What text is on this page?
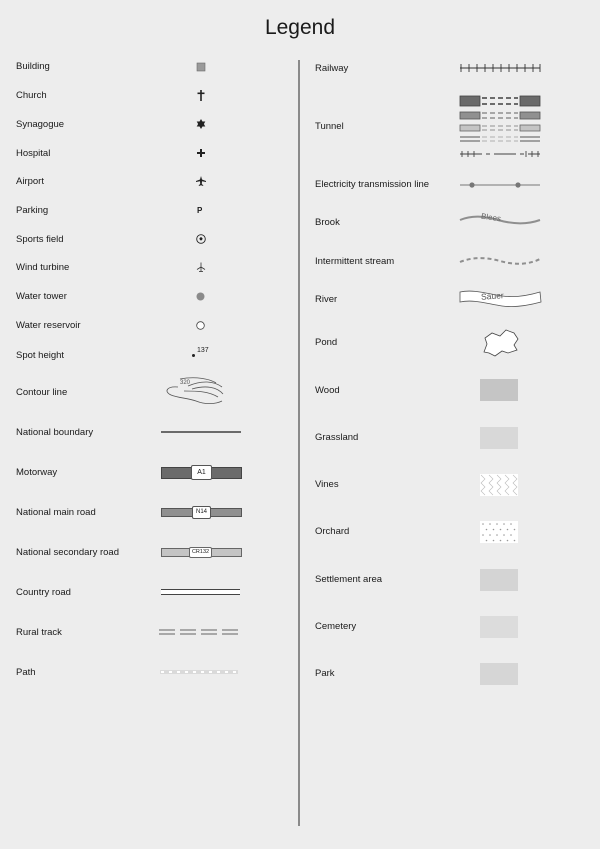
Legend
Building
Church
Synagogue
Hospital
Airport
Parking	P
Sports field
Wind turbine
Water tower
Water reservoir
Spot height	137
Contour line
320
National boundary
Motorway	A1
National main road	N14
National secondary road	CR132
Country road
Rural track
Path
Railway
Tunnel
Electricity transmission line
Brook	Blees
Intermittent stream
River	Sauer
Pond
Wood
Grassland
Vines
Orchard
Settlement area
Cemetery
Park
